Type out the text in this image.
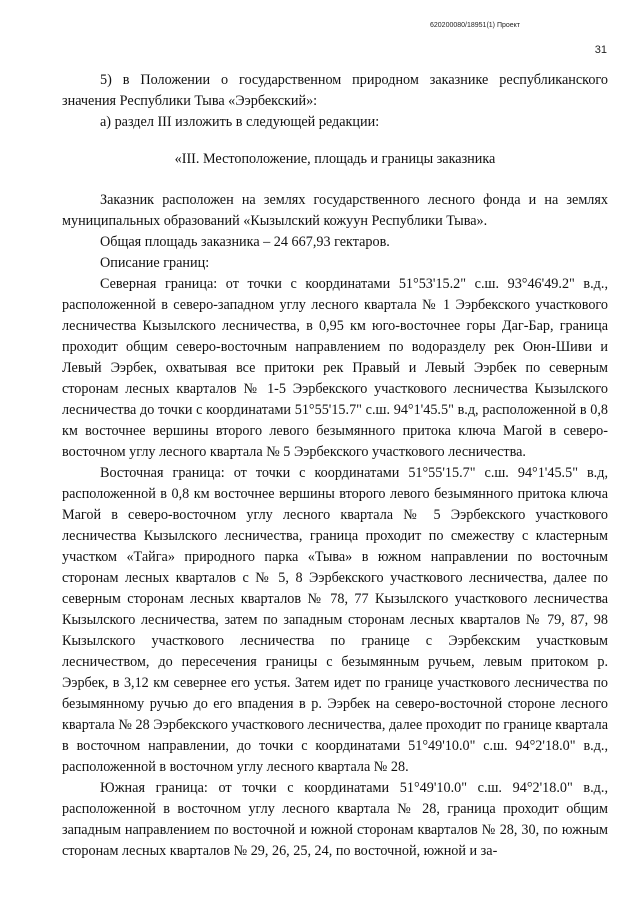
620200080/18951(1) Проект
31

5) в Положении о государственном природном заказнике республиканского значения Республики Тыва «Ээрбекский»:

а) раздел III изложить в следующей редакции:

«III. Местоположение, площадь и границы заказника

Заказник расположен на землях государственного лесного фонда и на землях муниципальных образований «Кызылский кожуун Республики Тыва».

Общая площадь заказника – 24 667,93 гектаров.

Описание границ:

Северная граница: от точки с координатами 51°53'15.2" с.ш. 93°46'49.2" в.д., расположенной в северо-западном углу лесного квартала № 1 Ээрбекского участкового лесничества Кызылского лесничества, в 0,95 км юго-восточнее горы Даг-Бар, граница проходит общим северо-восточным направлением по водоразделу рек Оюн-Шиви и Левый Ээрбек, охватывая все притоки рек Правый и Левый Ээрбек по северным сторонам лесных кварталов № 1-5 Ээрбекского участкового лесничества Кызылского лесничества до точки с координатами 51°55'15.7" с.ш. 94°1'45.5" в.д, расположенной в 0,8 км восточнее вершины второго левого безымянного притока ключа Магой в северо-восточном углу лесного квартала № 5 Ээрбекского участкового лесничества.

Восточная граница: от точки с координатами 51°55'15.7" с.ш. 94°1'45.5" в.д, расположенной в 0,8 км восточнее вершины второго левого безымянного притока ключа Магой в северо-восточном углу лесного квартала № 5 Ээрбекского участкового лесничества Кызылского лесничества, граница проходит по смежеству с кластерным участком «Тайга» природного парка «Тыва» в южном направлении по восточным сторонам лесных кварталов с № 5, 8 Ээрбекского участкового лесничества, далее по северным сторонам лесных кварталов № 78, 77 Кызылского участкового лесничества Кызылского лесничества, затем по западным сторонам лесных кварталов № 79, 87, 98 Кызылского участкового лесничества по границе с Ээрбекским участковым лесничеством, до пересечения границы с безымянным ручьем, левым притоком р. Ээрбек, в 3,12 км севернее его устья. Затем идет по границе участкового лесничества по безымянному ручью до его впадения в р. Ээрбек на северо-восточной стороне лесного квартала № 28 Ээрбекского участкового лесничества, далее проходит по границе квартала в восточном направлении, до точки с координатами 51°49'10.0" с.ш. 94°2'18.0" в.д., расположенной в восточном углу лесного квартала № 28.

Южная граница: от точки с координатами 51°49'10.0" с.ш. 94°2'18.0" в.д., расположенной в восточном углу лесного квартала № 28, граница проходит общим западным направлением по восточной и южной сторонам кварталов № 28, 30, по южным сторонам лесных кварталов № 29, 26, 25, 24, по восточной, южной и за-
